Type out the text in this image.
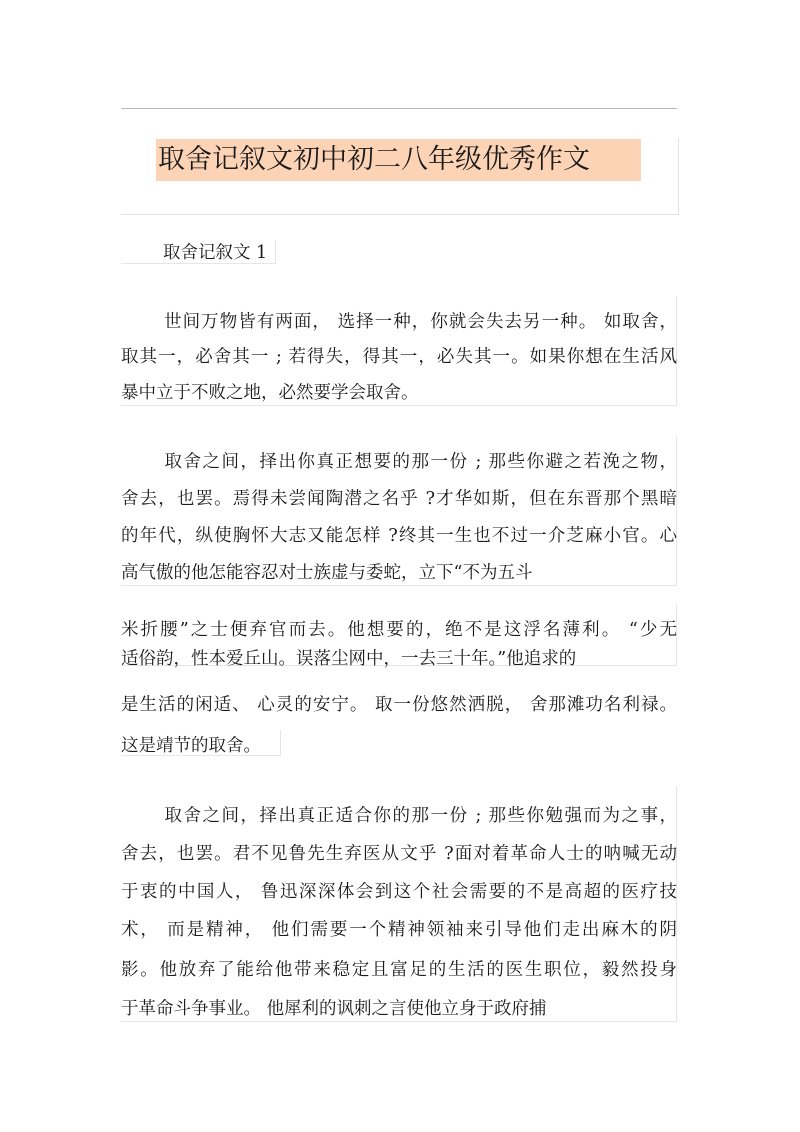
取舍记叙文初中初二八年级优秀作文
取舍记叙文 1
世间万物皆有两面， 选择一种，你就会失去另一种。 如取舍，
取其一，必舍其一 ; 若得失，得其一，必失其一。如果你想在生活风
暴中立于不败之地，必然要学会取舍。
取舍之间，择出你真正想要的那一份 ; 那些你避之若浼之物，
舍去，也罢。焉得未尝闻陶潜之名乎 ?才华如斯，但在东晋那个黑暗
的年代，纵使胸怀大志又能怎样 ?终其一生也不过一介芝麻小官。心
高气傲的他怎能容忍对士族虚与委蛇，立下“不为五斗
米折腰”之士便弃官而去。他想要的，绝不是这浮名薄利。 “少无
适俗韵，性本爱丘山。误落尘网中，一去三十年。”他追求的
是生活的闲适、 心灵的安宁。 取一份悠然洒脱， 舍那滩功名利禄。
这是靖节的取舍。
取舍之间，择出真正适合你的那一份 ; 那些你勉强而为之事，
舍去，也罢。君不见鲁先生弃医从文乎 ?面对着革命人士的呐喊无动
于衷的中国人， 鲁迅深深体会到这个社会需要的不是高超的医疗技
术， 而是精神， 他们需要一个精神领袖来引导他们走出麻木的阴
影。他放弃了能给他带来稳定且富足的生活的医生职位，毅然投身
于革命斗争事业。 他犀利的讽刺之言使他立身于政府捕
